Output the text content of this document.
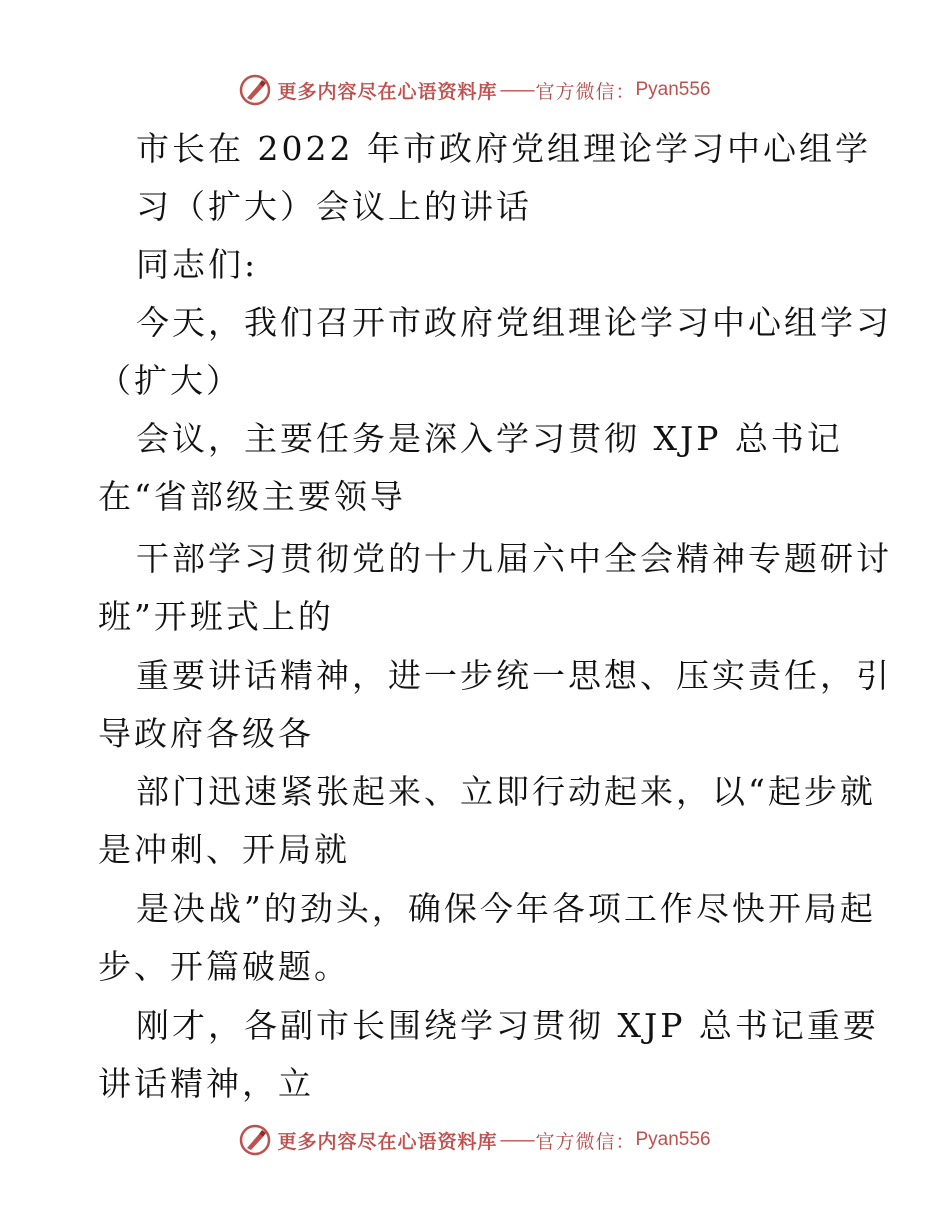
更多内容尽在心语资料库 —— 官方微信： Pyan556
市长在 2022 年市政府党组理论学习中心组学
习（扩大）会议上的讲话
同志们:
今天，我们召开市政府党组理论学习中心组学习
（扩大）
会议，主要任务是深入学习贯彻 XJP 总书记
在“省部级主要领导
干部学习贯彻党的十九届六中全会精神专题研讨
班”开班式上的
重要讲话精神，进一步统一思想、压实责任，引
导政府各级各
部门迅速紧张起来、立即行动起来，以“起步就
是冲刺、开局就
是决战”的劲头，确保今年各项工作尽快开局起
步、开篇破题。
刚才，各副市长围绕学习贯彻 XJP 总书记重要
讲话精神，立
更多内容尽在心语资料库 —— 官方微信： Pyan556
